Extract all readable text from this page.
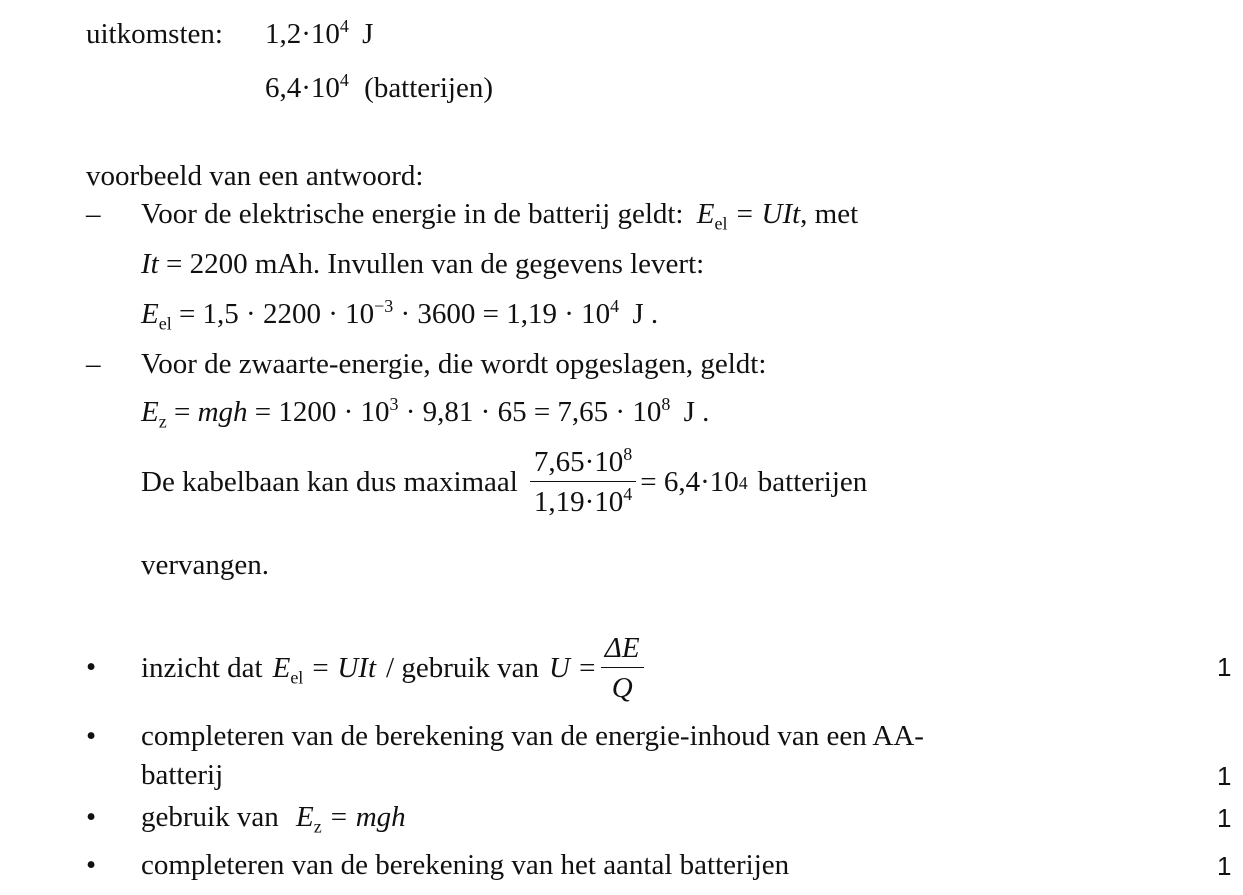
uitkomsten: $1,2\cdot 10^4$ J
$6,4\cdot 10^4$ (batterijen)
voorbeeld van een antwoord:
– Voor de elektrische energie in de batterij geldt: $E_{el}$ = UIt, met
It = 2200 mAh. Invullen van de gegevens levert:
$E_{el} = 1,5 \cdot 2200 \cdot 10^{-3} \cdot 3600 = 1,19 \cdot 10^4$ J .
– Voor de zwaarte-energie, die wordt opgeslagen, geldt:
$E_z$ = mgh = $1200 \cdot 10^3 \cdot 9,81 \cdot 65 = 7,65 \cdot 10^8$ J .
De kabelbaan kan dus maximaal $\frac{7,65\cdot 10^8}{1,19\cdot 10^4} = 6,4\cdot 10$ 4 batterijen
vervangen.
• inzicht dat $E_{el}$ = UIt / gebruik van $U = \frac{\Delta E}{Q}$	1
• completeren van de berekening van de energie-inhoud van een AA-
batterij	1
• gebruik van $E_z$ = mgh	1
• completeren van de berekening van het aantal batterijen	1
